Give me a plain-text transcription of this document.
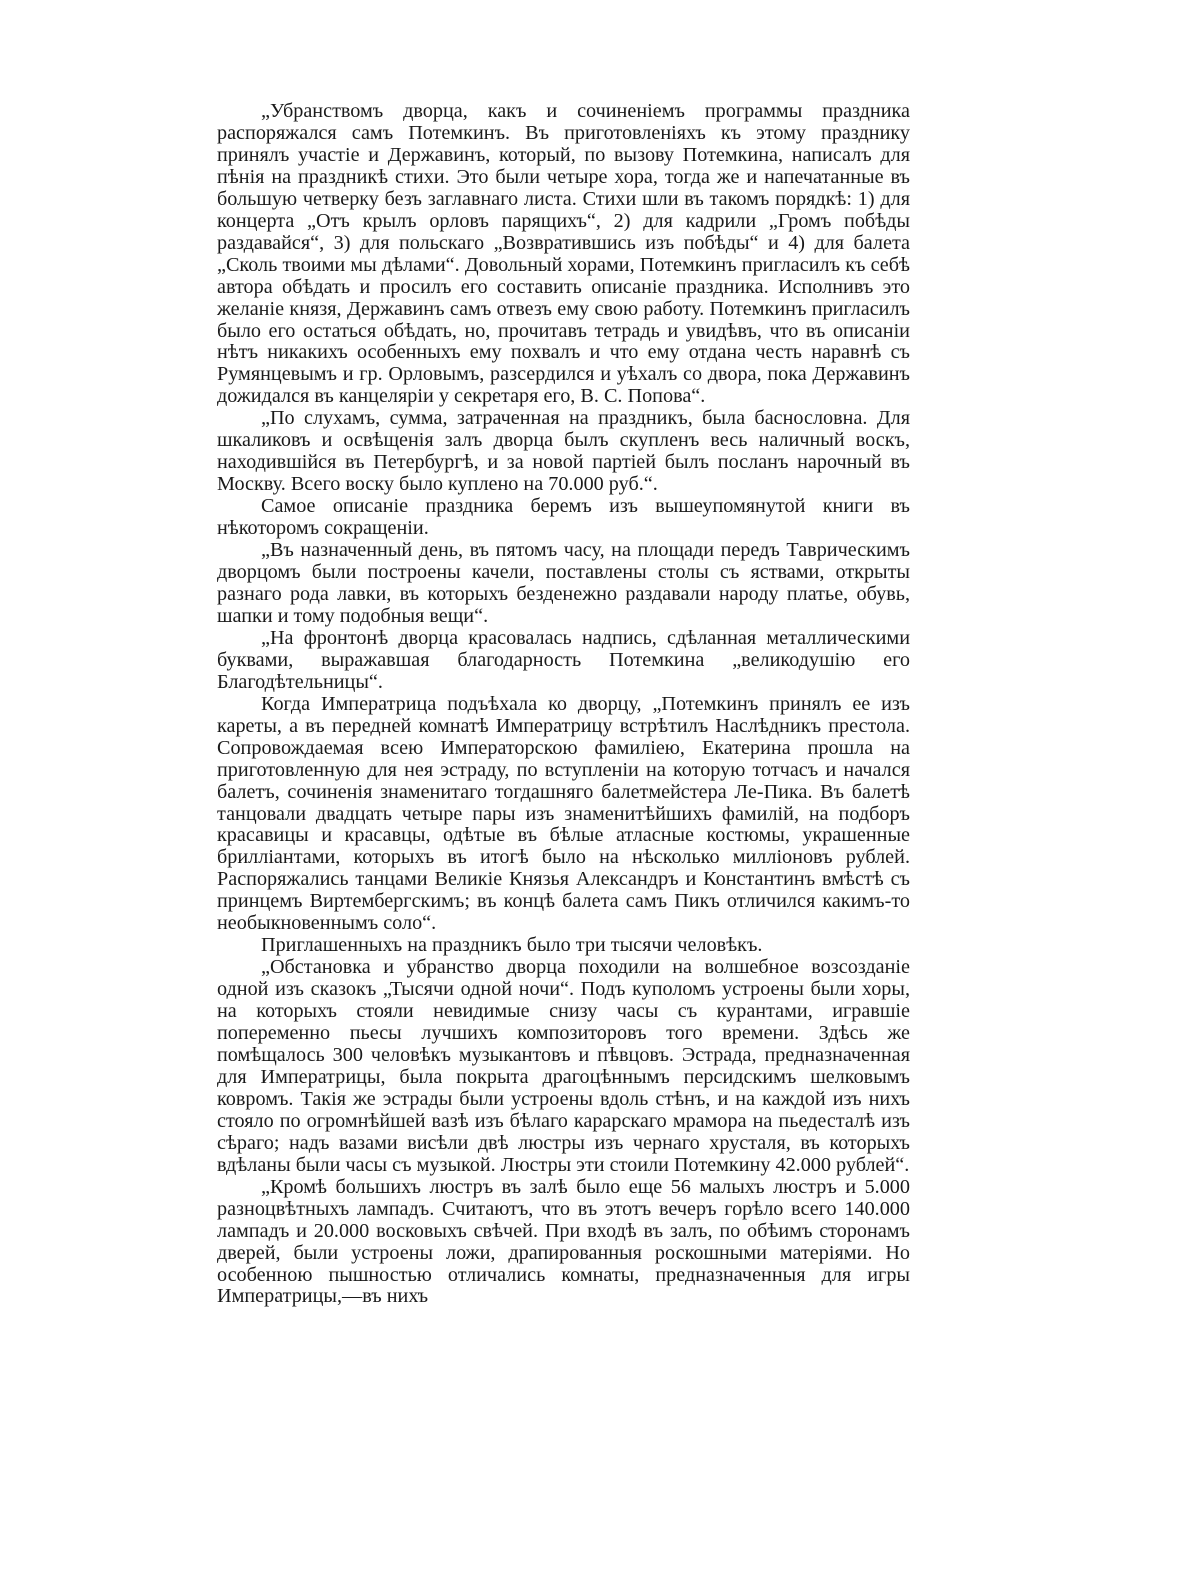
„Убранствомъ дворца, какъ и сочиненіемъ программы праздника распоряжался самъ Потемкинъ. Въ приготовленіяхъ къ этому празднику принялъ участіе и Державинъ, который, по вызову Потемкина, написалъ для пѣнія на праздникѣ стихи. Это были четыре хора, тогда же и напечатанные въ большую четверку безъ заглавнаго листа. Стихи шли въ такомъ порядкѣ: 1) для концерта „Отъ крылъ орловъ парящихъ“, 2) для кадрили „Громъ побѣды раздавайся“, 3) для польскаго „Возвратившись изъ побѣды“ и 4) для балета „Сколь твоими мы дѣлами“. Довольный хорами, Потемкинъ пригласилъ къ себѣ автора обѣдать и просилъ его составить описаніе праздника. Исполнивъ это желаніе князя, Державинъ самъ отвезъ ему свою работу. Потемкинъ пригласилъ было его остаться обѣдать, но, прочитавъ тетрадь и увидѣвъ, что въ описаніи нѣтъ никакихъ особенныхъ ему похвалъ и что ему отдана честь наравнѣ съ Румянцевымъ и гр. Орловымъ, разсердился и уѣхалъ со двора, пока Державинъ дожидался въ канцеляріи у секретаря его, В. С. Попова“.

„По слухамъ, сумма, затраченная на праздникъ, была баснословна. Для шкаликовъ и освѣщенія залъ дворца былъ скупленъ весь наличный воскъ, находившійся въ Петербургѣ, и за новой партіей былъ посланъ нарочный въ Москву. Всего воску было куплено на 70.000 руб.“.

Самое описаніе праздника беремъ изъ вышеупомянутой книги въ нѣкоторомъ сокращеніи.

„Въ назначенный день, въ пятомъ часу, на площади передъ Таврическимъ дворцомъ были построены качели, поставлены столы съ яствами, открыты разнаго рода лавки, въ которыхъ безденежно раздавали народу платье, обувь, шапки и тому подобныя вещи“.

„На фронтонѣ дворца красовалась надпись, сдѣланная металлическими буквами, выражавшая благодарность Потемкина „великодушію его Благодѣтельницы“.

Когда Императрица подъѣхала ко дворцу, „Потемкинъ принялъ ее изъ кареты, а въ передней комнатѣ Императрицу встрѣтилъ Наслѣдникъ престола. Сопровождаемая всею Императорскою фамиліею, Екатерина прошла на приготовленную для нея эстраду, по вступленіи на которую тотчасъ и начался балетъ, сочиненія знаменитаго тогдашняго балетмейстера Ле-Пика. Въ балетѣ танцовали двадцать четыре пары изъ знаменитѣйшихъ фамилій, на подборъ красавицы и красавцы, одѣтые въ бѣлые атласные костюмы, украшенные брилліантами, которыхъ въ итогѣ было на нѣсколько милліоновъ рублей. Распоряжались танцами Великіе Князья Александръ и Константинъ вмѣстѣ съ принцемъ Виртембергскимъ; въ концѣ балета самъ Пикъ отличился какимъ-то необыкновеннымъ соло“.

Приглашенныхъ на праздникъ было три тысячи человѣкъ.

„Обстановка и убранство дворца походили на волшебное возсозданіе одной изъ сказокъ „Тысячи одной ночи“. Подъ куполомъ устроены были хоры, на которыхъ стояли невидимые снизу часы съ курантами, игравшіе попеременно пьесы лучшихъ композиторовъ того времени. Здѣсь же помѣщалось 300 человѣкъ музыкантовъ и пѣвцовъ. Эстрада, предназначенная для Императрицы, была покрыта драгоцѣннымъ персидскимъ шелковымъ ковромъ. Такія же эстрады были устроены вдоль стѣнъ, и на каждой изъ нихъ стояло по огромнѣйшей вазѣ изъ бѣлаго карарскаго мрамора на пьедесталѣ изъ сѣраго; надъ вазами висѣли двѣ люстры изъ чернаго хрусталя, въ которыхъ вдѣланы были часы съ музыкой. Люстры эти стоили Потемкину 42.000 рублей“.

„Кромѣ большихъ люстръ въ залѣ было еще 56 малыхъ люстръ и 5.000 разноцвѣтныхъ лампадъ. Считаютъ, что въ этотъ вечеръ горѣло всего 140.000 лампадъ и 20.000 восковыхъ свѣчей. При входѣ въ залъ, по обѣимъ сторонамъ дверей, были устроены ложи, драпированныя роскошными матеріями. Но особенною пышностью отличались комнаты, предназначенныя для игры Императрицы,—въ нихъ
